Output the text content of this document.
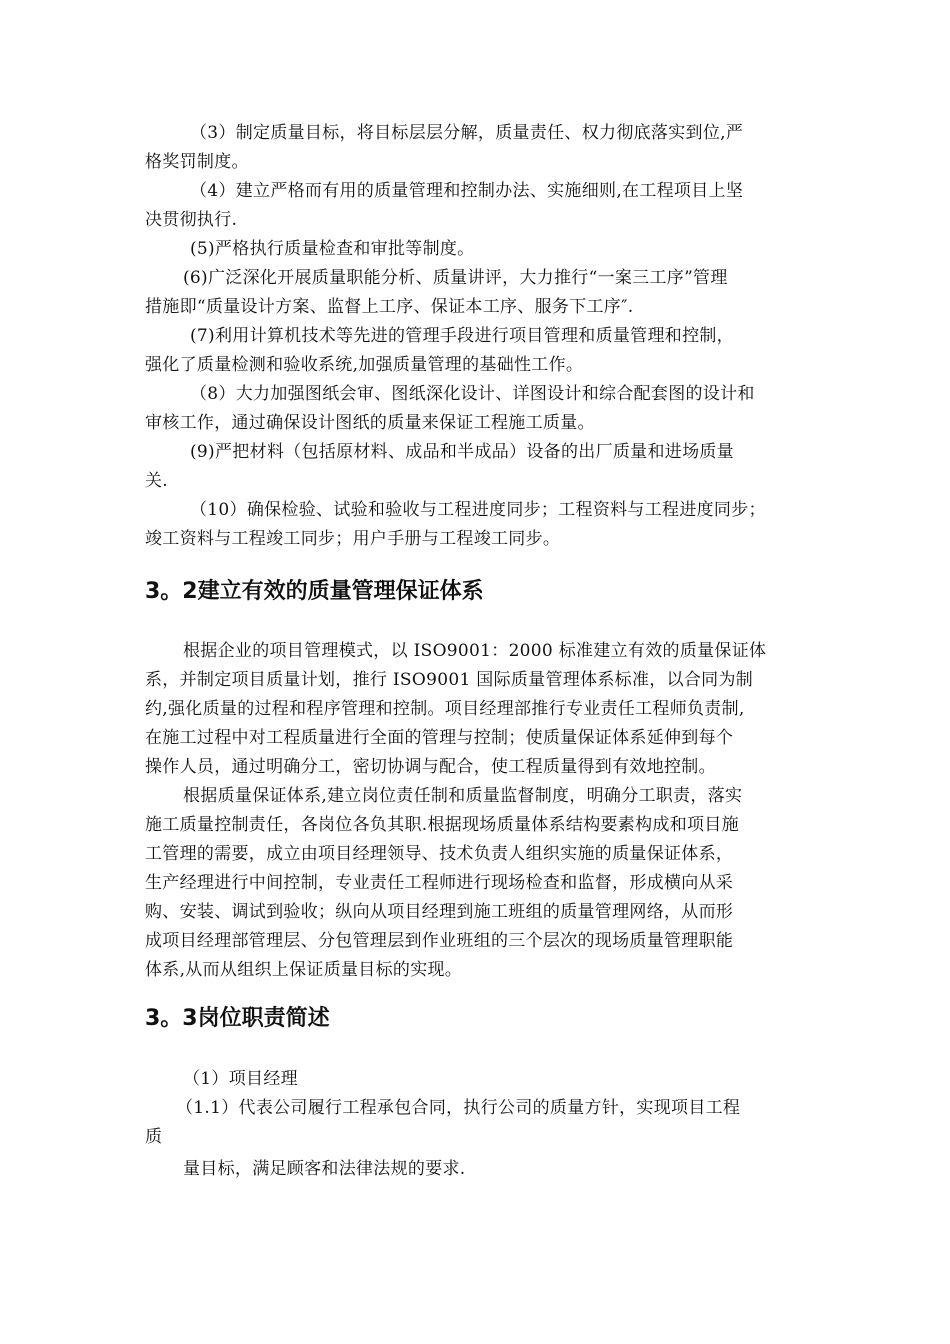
（3）制定质量目标，将目标层层分解，质量责任、权力彻底落实到位,严
格奖罚制度。
（4）建立严格而有用的质量管理和控制办法、实施细则,在工程项目上坚
决贯彻执行.
(5)严格执行质量检查和审批等制度。
(6)广泛深化开展质量职能分析、质量讲评，大力推行“一案三工序”管理
措施即“质量设计方案、监督上工序、保证本工序、服务下工序″.
(7)利用计算机技术等先进的管理手段进行项目管理和质量管理和控制，
强化了质量检测和验收系统,加强质量管理的基础性工作。
（8）大力加强图纸会审、图纸深化设计、详图设计和综合配套图的设计和
审核工作，通过确保设计图纸的质量来保证工程施工质量。
(9)严把材料（包括原材料、成品和半成品）设备的出厂质量和进场质量
关.
（10）确保检验、试验和验收与工程进度同步；工程资料与工程进度同步；
竣工资料与工程竣工同步；用户手册与工程竣工同步。
3。2建立有效的质量管理保证体系
根据企业的项目管理模式，以 ISO9001：2000 标准建立有效的质量保证体
系，并制定项目质量计划，推行 ISO9001 国际质量管理体系标准，以合同为制
约,强化质量的过程和程序管理和控制。项目经理部推行专业责任工程师负责制,
在施工过程中对工程质量进行全面的管理与控制；使质量保证体系延伸到每个
操作人员，通过明确分工，密切协调与配合，使工程质量得到有效地控制。
根据质量保证体系,建立岗位责任制和质量监督制度，明确分工职责，落实
施工质量控制责任，各岗位各负其职.根据现场质量体系结构要素构成和项目施
工管理的需要，成立由项目经理领导、技术负责人组织实施的质量保证体系，
生产经理进行中间控制，专业责任工程师进行现场检查和监督，形成横向从采
购、安装、调试到验收；纵向从项目经理到施工班组的质量管理网络，从而形
成项目经理部管理层、分包管理层到作业班组的三个层次的现场质量管理职能
体系,从而从组织上保证质量目标的实现。
3。3岗位职责简述
（1）项目经理
（1.1）代表公司履行工程承包合同，执行公司的质量方针，实现项目工程
质
量目标，满足顾客和法律法规的要求.
